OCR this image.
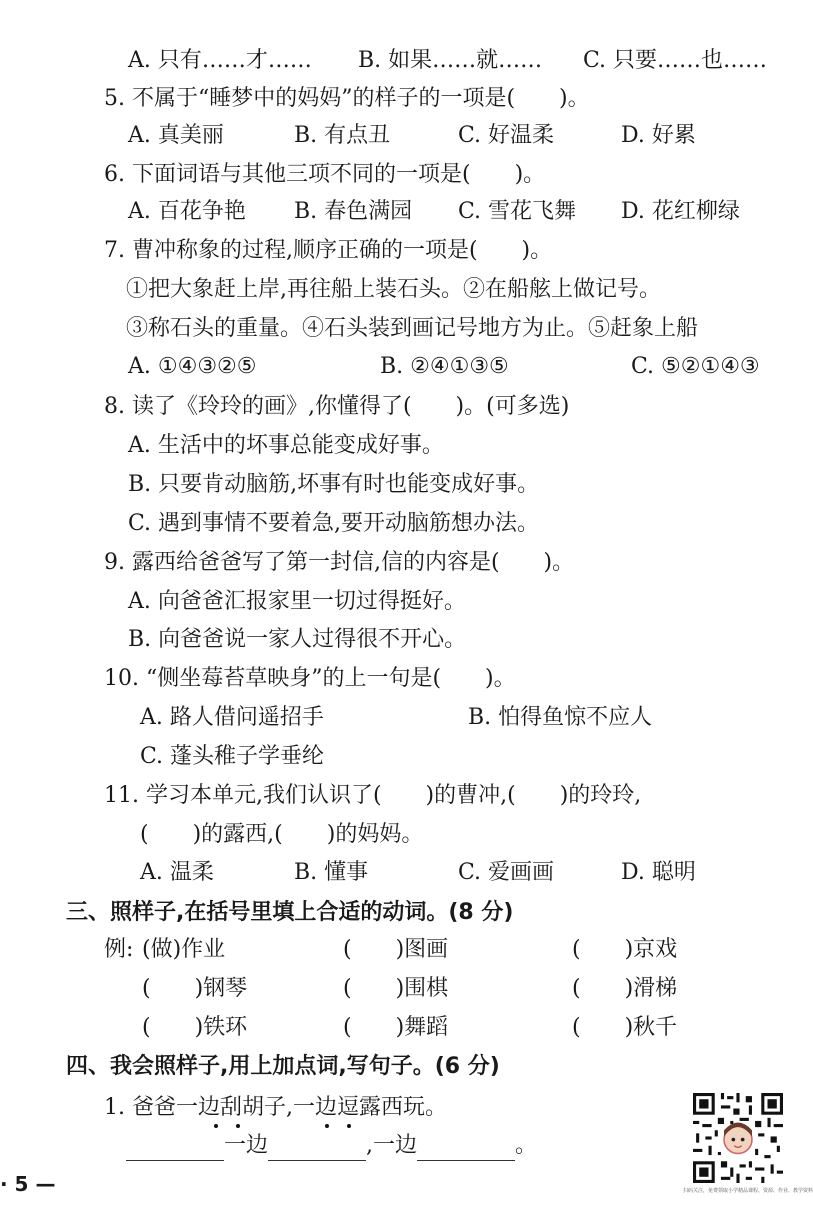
A. 只有……才…… B. 如果……就…… C. 只要……也……
5. 不属于“睡梦中的妈妈”的样子的一项是(　　)。
A. 真美丽	B. 有点丑	C. 好温柔	D. 好累
6. 下面词语与其他三项不同的一项是(　　)。
A. 百花争艳 B. 春色满园 C. 雪花飞舞 D. 花红柳绿
7. 曹冲称象的过程,顺序正确的一项是(　　)。
①把大象赶上岸,再往船上装石头。②在船舷上做记号。
③称石头的重量。④石头装到画记号地方为止。⑤赶象上船
A. ①④③②⑤	B. ②④①③⑤	C. ⑤②①④③
8. 读了《玲玲的画》,你懂得了(　　)。(可多选)
A. 生活中的坏事总能变成好事。
B. 只要肯动脑筋,坏事有时也能变成好事。
C. 遇到事情不要着急,要开动脑筋想办法。
9. 露西给爸爸写了第一封信,信的内容是(　　)。
A. 向爸爸汇报家里一切过得挺好。
B. 向爸爸说一家人过得很不开心。
10. “侧坐莓苔草映身”的上一句是(　　)。
A. 路人借问遥招手	B. 怕得鱼惊不应人
C. 蓬头稚子学垂纶
11. 学习本单元,我们认识了(　　)的曹冲,(　　)的玲玲,
(　　)的露西,(　　)的妈妈。
A. 温柔	B. 懂事	C. 爱画画	D. 聪明
三、照样子,在括号里填上合适的动词。(8 分)
例: (做)作业	(　　)图画	(　　)京戏
(　　)钢琴	(　　)围棋	(　　)滑梯
(　　)铁环	(　　)舞蹈	(　　)秋千
四、我会照样子,用上加点词,写句子。(6 分)
1. 爸爸一边刮胡子,一边逗露西玩。
一边	,一边	。
扫码关注，免费领取小学精品课程、资源、作业、教学资料
· 5 —
